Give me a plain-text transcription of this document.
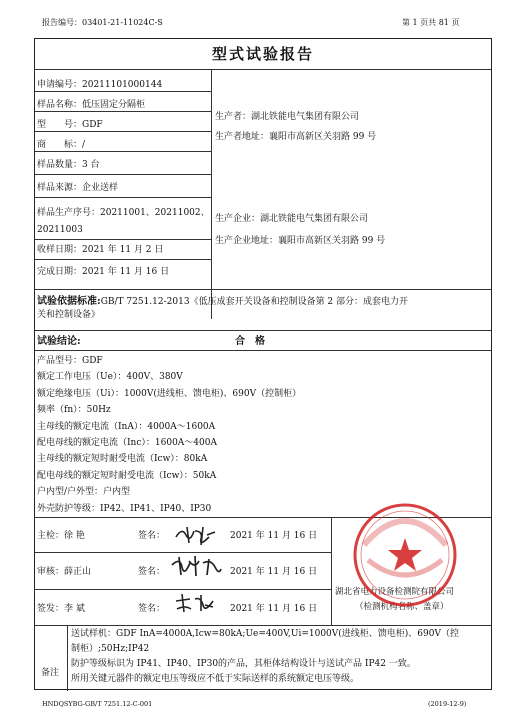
报告编号：03401-21-11024C-S	第 1 页共 81 页
型式试验报告
申请编号：20211101000144
样品名称：低压固定分隔柜
型　　号：GDF
商　　标：/
样品数量：3 台
样品来源：企业送样
样品生产序号：20211001、20211002、
20211003
收样日期：2021 年 11 月 2 日
完成日期：2021 年 11 月 16 日
生产者：湖北铁能电气集团有限公司
生产者地址：襄阳市高新区关羽路 99 号
生产企业：湖北铁能电气集团有限公司
生产企业地址：襄阳市高新区关羽路 99 号
试验依据标准:GB/T 7251.12-2013《低压成套开关设备和控制设备第 2 部分：成套电力开
关和控制设备》
试验结论:	合　格
产品型号：GDF
额定工作电压（Ue）：400V、380V
额定绝缘电压（Ui）：1000V(进线柜、馈电柜)、690V（控制柜）
频率（fn）：50Hz
主母线的额定电流（InA）：4000A～1600A
配电母线的额定电流（Inc）：1600A～400A
主母线的额定短时耐受电流（Icw）：80kA
配电母线的额定短时耐受电流（Icw）：50kA
户内型/户外型：户内型
外壳防护等级：IP42、IP41、IP40、IP30
主检：徐 艳	签名：	2021 年 11 月 16 日
审核：薛正山	签名：	2021 年 11 月 16 日
签发：李 斌	签名：	2021 年 11 月 16 日
湖北省电力设备检测院有限公司
（检测机构名称、盖章）
备注
送试样机：GDF InA=4000A,Icw=80kA;Ue=400V,Ui=1000V(进线柜、馈电柜)、690V（控
制柜）;50Hz;IP42
防护等级标识为 IP41、IP40、IP30的产品，其柜体结构设计与送试产品 IP42 一致。
所用关键元器件的额定电压等级应不低于实际送样的系统额定电压等级。
HNDQSYBG-GB/T 7251.12-C-001	(2019-12-9)
